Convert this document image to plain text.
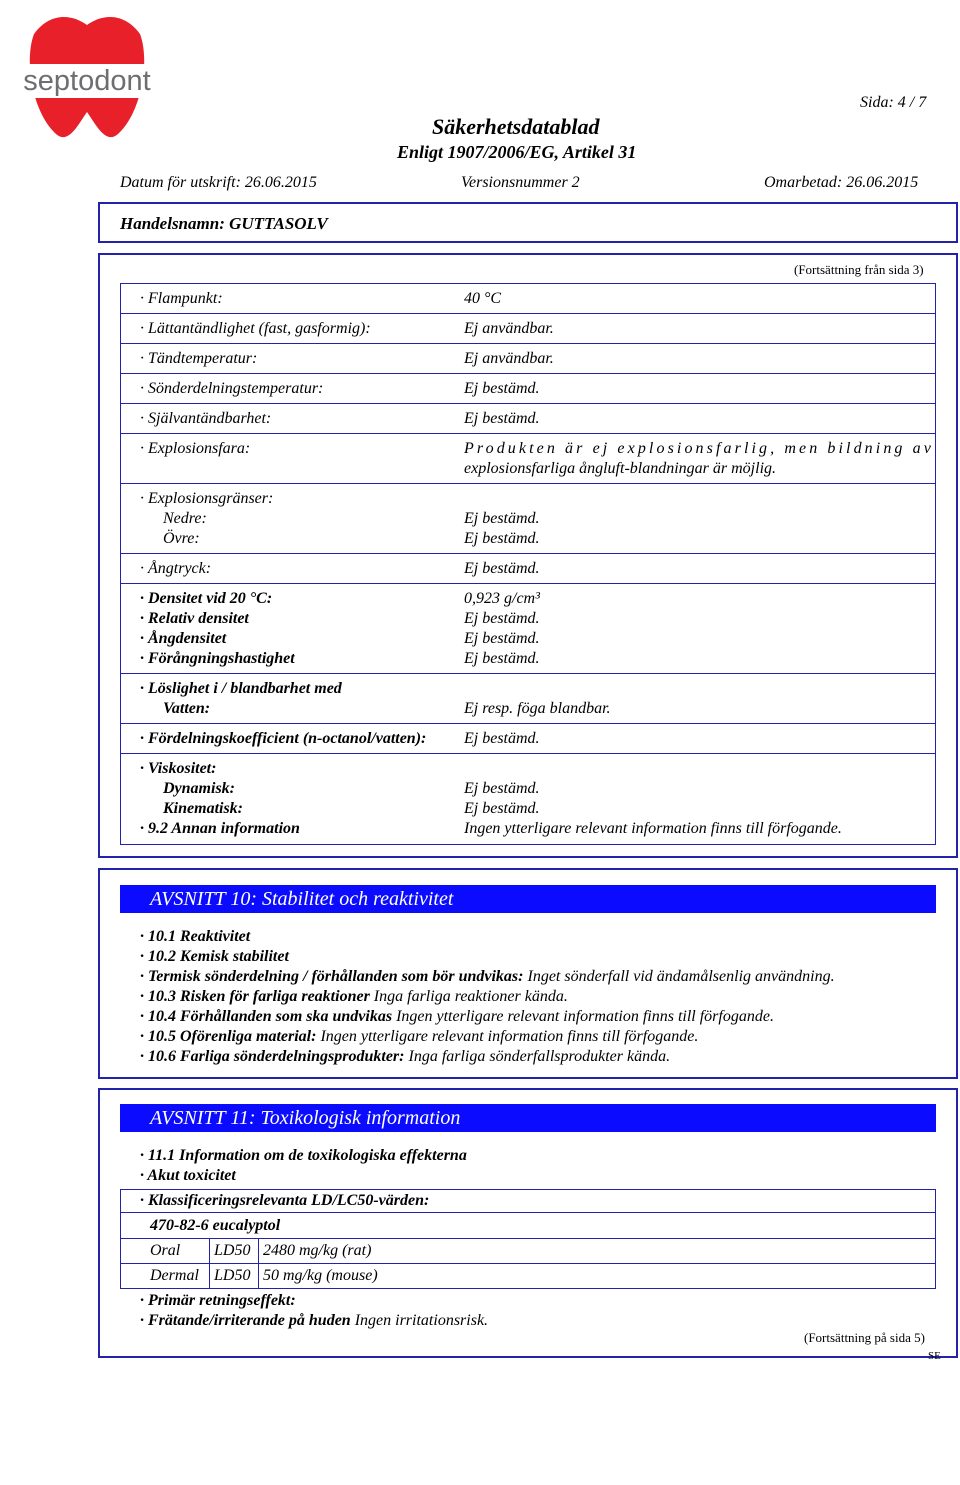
septodont
Sida: 4 / 7
Säkerhetsdatablad
Enligt 1907/2006/EG, Artikel 31
Datum för utskrift: 26.06.2015	Versionsnummer 2	Omarbetad: 26.06.2015
Handelsnamn: GUTTASOLV
(Fortsättning från sida 3)
· Flampunkt:	40 °C
· Lättantändlighet (fast, gasformig):	Ej användbar.
· Tändtemperatur:	Ej användbar.
· Sönderdelningstemperatur:	Ej bestämd.
· Självantändbarhet:	Ej bestämd.
· Explosionsfara:	Produkten är ej explosionsfarlig, men bildning av
explosionsfarliga ångluft-blandningar är möjlig.
· Explosionsgränser:
Nedre:	Ej bestämd.
Övre:	Ej bestämd.
· Ångtryck:	Ej bestämd.
· Densitet vid 20 °C:	0,923 g/cm³
· Relativ densitet	Ej bestämd.
· Ångdensitet	Ej bestämd.
· Förångningshastighet	Ej bestämd.
· Löslighet i / blandbarhet med
Vatten:	Ej resp. föga blandbar.
· Fördelningskoefficient (n-octanol/vatten): Ej bestämd.
· Viskositet:
Dynamisk:	Ej bestämd.
Kinematisk:	Ej bestämd.
· 9.2 Annan information	Ingen ytterligare relevant information finns till förfogande.
AVSNITT 10: Stabilitet och reaktivitet
· 10.1 Reaktivitet
· 10.2 Kemisk stabilitet
· Termisk sönderdelning / förhållanden som bör undvikas: Inget sönderfall vid ändamålsenlig användning.
· 10.3 Risken för farliga reaktioner Inga farliga reaktioner kända.
· 10.4 Förhållanden som ska undvikas Ingen ytterligare relevant information finns till förfogande.
· 10.5 Oförenliga material: Ingen ytterligare relevant information finns till förfogande.
· 10.6 Farliga sönderdelningsprodukter: Inga farliga sönderfallsprodukter kända.
AVSNITT 11: Toxikologisk information
· 11.1 Information om de toxikologiska effekterna
· Akut toxicitet
· Klassificeringsrelevanta LD/LC50-värden:
470-82-6 eucalyptol
Oral LD50 2480 mg/kg (rat)
Dermal LD50 50 mg/kg (mouse)
· Primär retningseffekt:
· Frätande/irriterande på huden Ingen irritationsrisk.
(Fortsättning på sida 5)
SE
